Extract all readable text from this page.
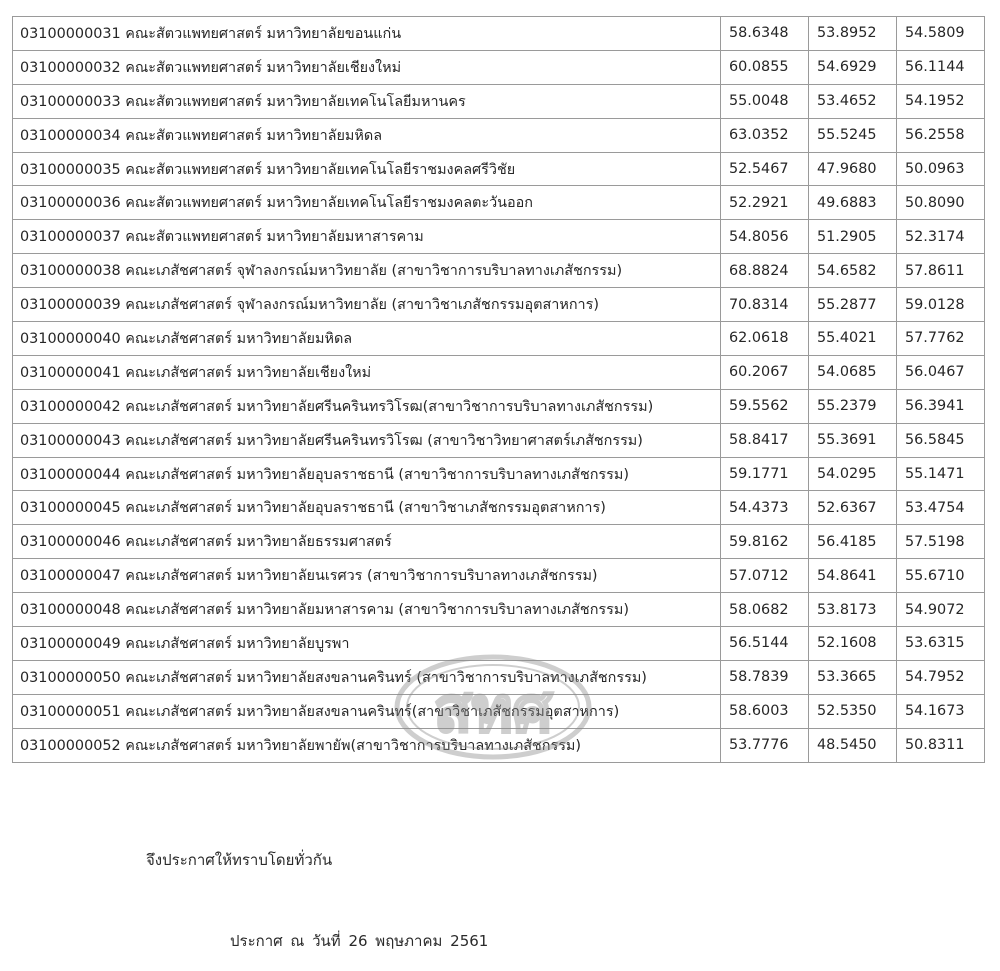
03100000031 คณะสัตวแพทยศาสตร์ มหาวิทยาลัยขอนแก่น	58.6348	53.8952	54.5809
03100000032 คณะสัตวแพทยศาสตร์ มหาวิทยาลัยเชียงใหม่	60.0855	54.6929	56.1144
03100000033 คณะสัตวแพทยศาสตร์ มหาวิทยาลัยเทคโนโลยีมหานคร	55.0048	53.4652	54.1952
03100000034 คณะสัตวแพทยศาสตร์ มหาวิทยาลัยมหิดล	63.0352	55.5245	56.2558
03100000035 คณะสัตวแพทยศาสตร์ มหาวิทยาลัยเทคโนโลยีราชมงคลศรีวิชัย	52.5467	47.9680	50.0963
03100000036 คณะสัตวแพทยศาสตร์ มหาวิทยาลัยเทคโนโลยีราชมงคลตะวันออก	52.2921	49.6883	50.8090
03100000037 คณะสัตวแพทยศาสตร์ มหาวิทยาลัยมหาสารคาม	54.8056	51.2905	52.3174
03100000038 คณะเภสัชศาสตร์ จุฬาลงกรณ์มหาวิทยาลัย (สาขาวิชาการบริบาลทางเภสัชกรรม)	68.8824	54.6582	57.8611
03100000039 คณะเภสัชศาสตร์ จุฬาลงกรณ์มหาวิทยาลัย (สาขาวิชาเภสัชกรรมอุตสาหการ)	70.8314	55.2877	59.0128
03100000040 คณะเภสัชศาสตร์ มหาวิทยาลัยมหิดล	62.0618	55.4021	57.7762
03100000041 คณะเภสัชศาสตร์ มหาวิทยาลัยเชียงใหม่	60.2067	54.0685	56.0467
03100000042 คณะเภสัชศาสตร์ มหาวิทยาลัยศรีนครินทรวิโรฒ(สาขาวิชาการบริบาลทางเภสัชกรรม)	59.5562	55.2379	56.3941
03100000043 คณะเภสัชศาสตร์ มหาวิทยาลัยศรีนครินทรวิโรฒ (สาขาวิชาวิทยาศาสตร์เภสัชกรรม)	58.8417	55.3691	56.5845
03100000044 คณะเภสัชศาสตร์ มหาวิทยาลัยอุบลราชธานี (สาขาวิชาการบริบาลทางเภสัชกรรม)	59.1771	54.0295	55.1471
03100000045 คณะเภสัชศาสตร์ มหาวิทยาลัยอุบลราชธานี (สาขาวิชาเภสัชกรรมอุตสาหการ)	54.4373	52.6367	53.4754
03100000046 คณะเภสัชศาสตร์ มหาวิทยาลัยธรรมศาสตร์	59.8162	56.4185	57.5198
03100000047 คณะเภสัชศาสตร์ มหาวิทยาลัยนเรศวร (สาขาวิชาการบริบาลทางเภสัชกรรม)	57.0712	54.8641	55.6710
03100000048 คณะเภสัชศาสตร์ มหาวิทยาลัยมหาสารคาม (สาขาวิชาการบริบาลทางเภสัชกรรม)	58.0682	53.8173	54.9072
03100000049 คณะเภสัชศาสตร์ มหาวิทยาลัยบูรพา	56.5144	52.1608	53.6315
03100000050 คณะเภสัชศาสตร์ มหาวิทยาลัยสงขลานครินทร์ (สาขาวิชาการบริบาลทางเภสัชกรรม)	58.7839	53.3665	54.7952
03100000051 คณะเภสัชศาสตร์ มหาวิทยาลัยสงขลานครินทร์(สาขาวิชาเภสัชกรรมอุตสาหการ)	58.6003	52.5350	54.1673
03100000052 คณะเภสัชศาสตร์ มหาวิทยาลัยพายัพ(สาขาวิชาการบริบาลทางเภสัชกรรม)	53.7776	48.5450	50.8311
สทศ
จึงประกาศให้ทราบโดยทั่วกัน
ประกาศ ณ วันที่ 26 พฤษภาคม 2561
